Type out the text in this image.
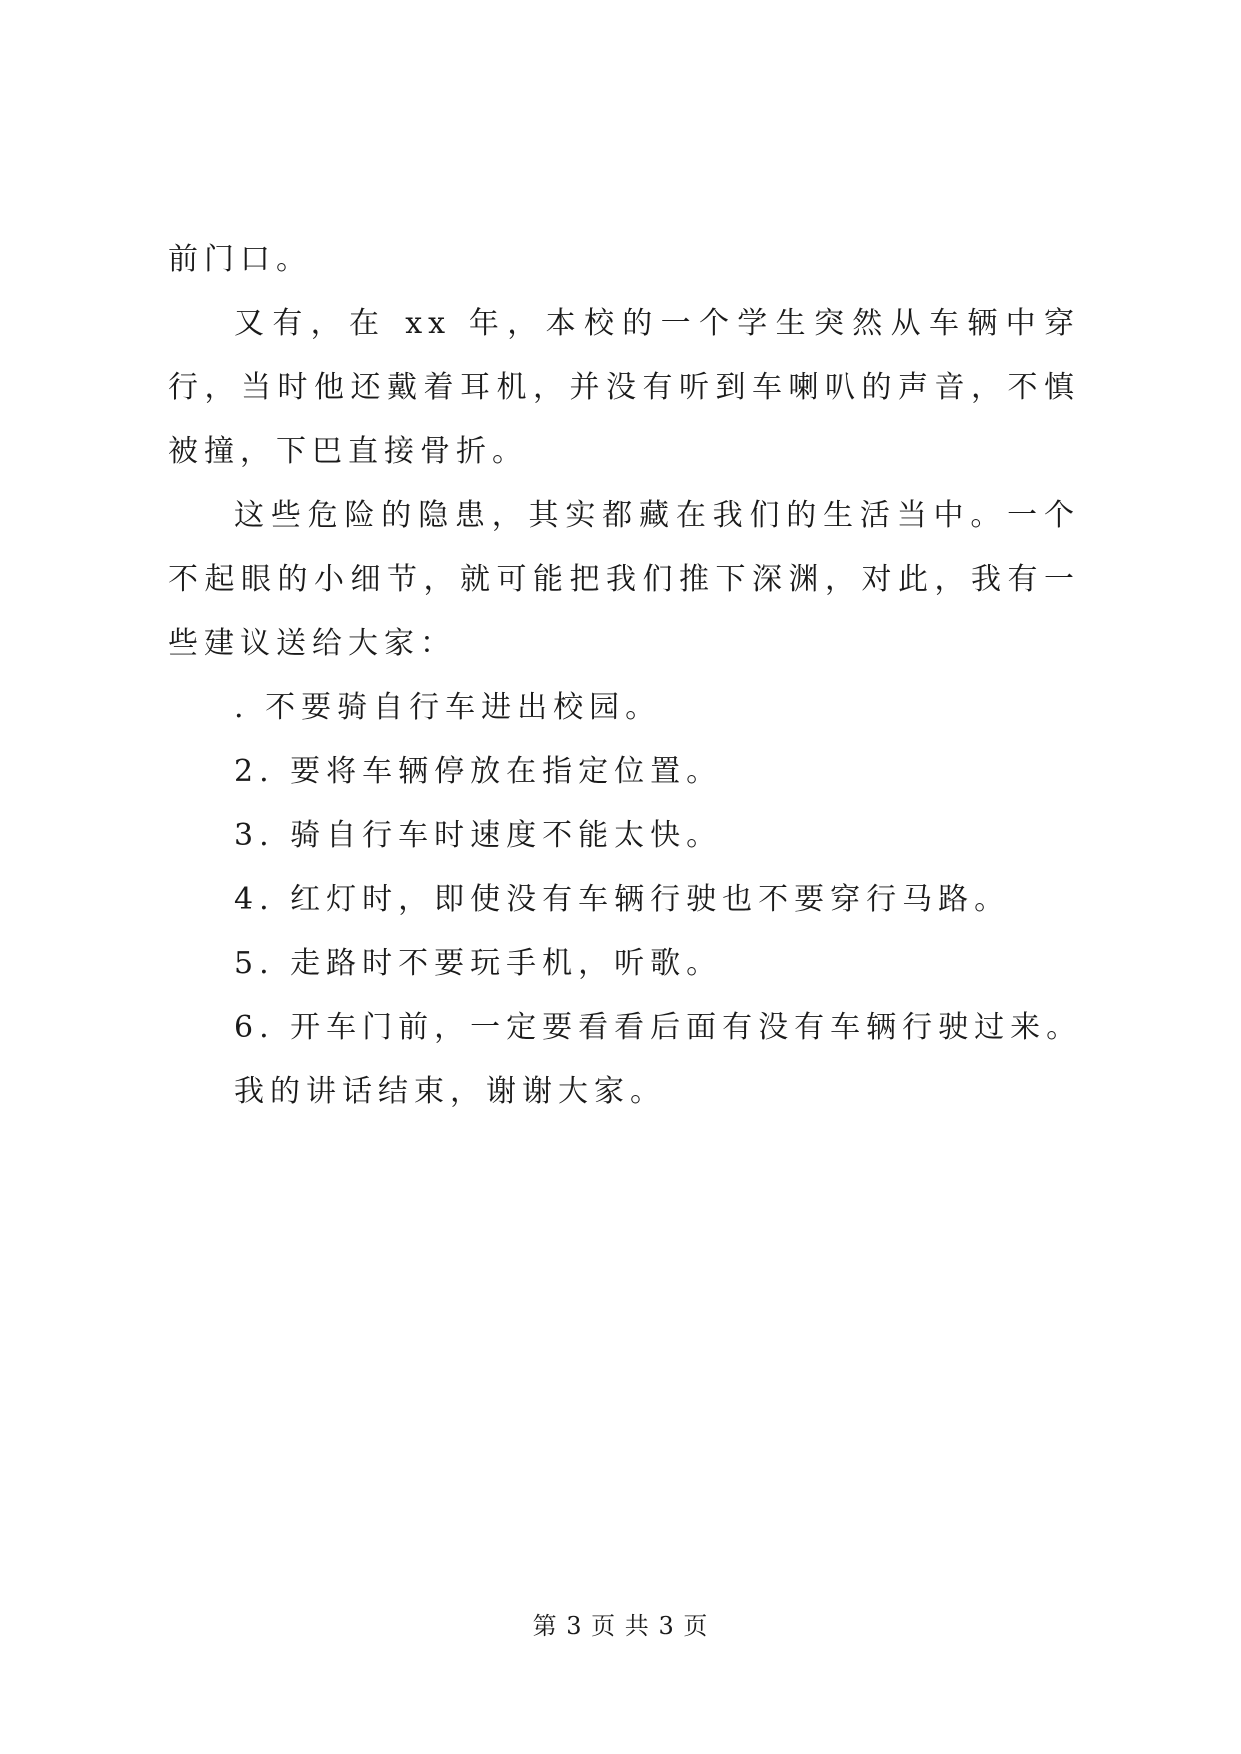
前门口。

又有，在 xx 年，本校的一个学生突然从车辆中穿行，当时他还戴着耳机，并没有听到车喇叭的声音，不慎被撞，下巴直接骨折。

这些危险的隐患，其实都藏在我们的生活当中。一个不起眼的小细节，就可能把我们推下深渊，对此，我有一些建议送给大家：

. 不要骑自行车进出校园。

2. 要将车辆停放在指定位置。

3. 骑自行车时速度不能太快。

4. 红灯时，即使没有车辆行驶也不要穿行马路。

5. 走路时不要玩手机，听歌。

6. 开车门前，一定要看看后面有没有车辆行驶过来。

我的讲话结束，谢谢大家。

第 3 页 共 3 页
